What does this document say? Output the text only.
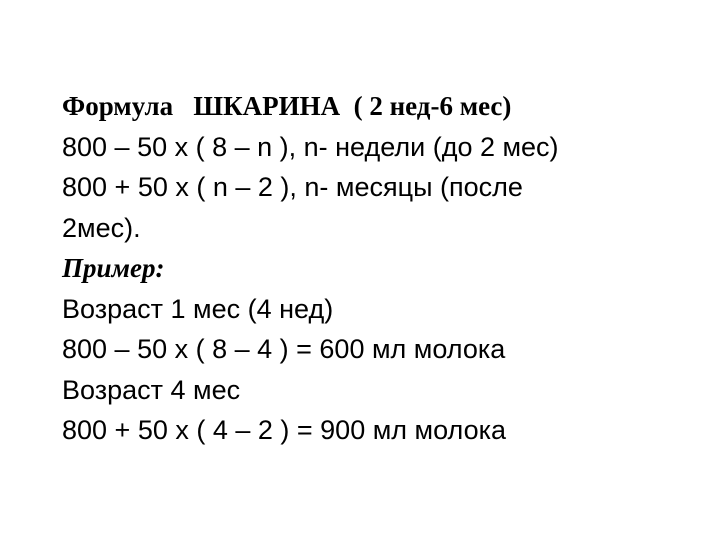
Формула   ШКАРИНА  ( 2 нед-6 мес)
800 – 50 х ( 8 – n ), n- недели (до 2 мес)
800 + 50 х ( n – 2 ), n- месяцы (после
2мес).
Пример:
Возраст 1 мес (4 нед)
800 – 50 х ( 8 – 4 ) = 600 мл молока
Возраст 4 мес
800 + 50 х ( 4 – 2 ) = 900 мл молока
